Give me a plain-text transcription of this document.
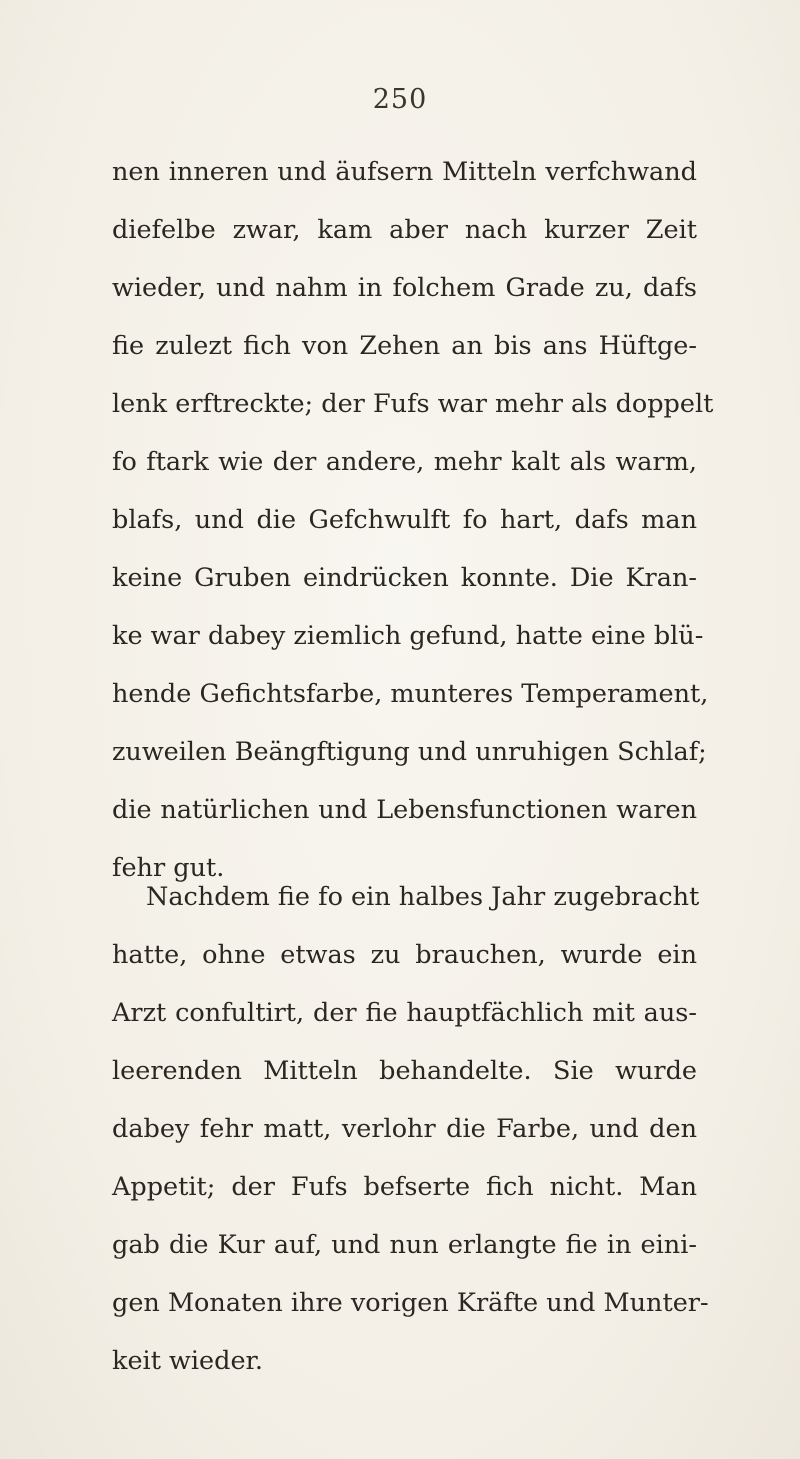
250
nen inneren und äufsern Mitteln verfchwand
diefelbe zwar, kam aber nach kurzer Zeit
wieder, und nahm in folchem Grade zu, dafs
fie zulezt fich von Zehen an bis ans Hüftge-
lenk erftreckte; der Fufs war mehr als doppelt
fo ftark wie der andere, mehr kalt als warm,
blafs, und die Gefchwulft fo hart, dafs man
keine Gruben eindrücken konnte. Die Kran-
ke war dabey ziemlich gefund, hatte eine blü-
hende Gefichtsfarbe, munteres Temperament,
zuweilen Beängftigung und unruhigen Schlaf;
die natürlichen und Lebensfunctionen waren
fehr gut.
Nachdem fie fo ein halbes Jahr zugebracht
hatte, ohne etwas zu brauchen, wurde ein
Arzt confultirt, der fie hauptfächlich mit aus-
leerenden Mitteln behandelte. Sie wurde
dabey fehr matt, verlohr die Farbe, und den
Appetit; der Fufs befserte fich nicht. Man
gab die Kur auf, und nun erlangte fie in eini-
gen Monaten ihre vorigen Kräfte und Munter-
keit wieder.
